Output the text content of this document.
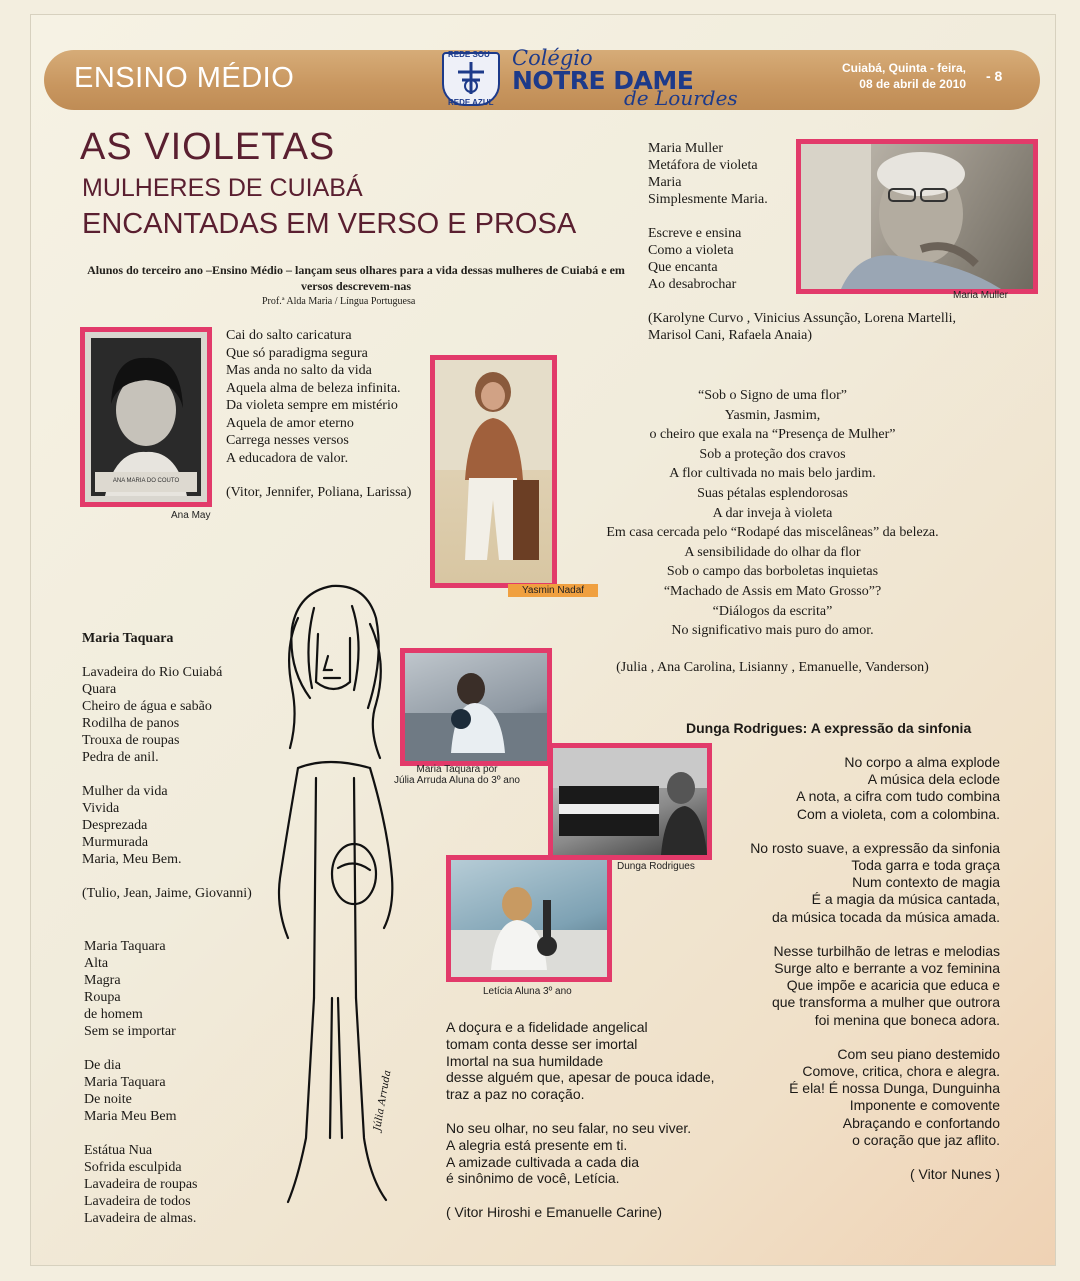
ENSINO MÉDIO
REDE SOU
REDE AZUL
Colégio
NOTRE DAME
de Lourdes
Cuiabá, Quinta - feira,
08 de abril de 2010 - 8
AS VIOLETAS
MULHERES DE CUIABÁ
ENCANTADAS EM VERSO E PROSA
Alunos do terceiro ano –Ensino Médio – lançam seus olhares para a vida dessas mulheres de Cuiabá e em versos descrevem-nas
Prof.ª Alda Maria / Língua Portuguesa
Maria Muller
Metáfora de violeta
Maria
Simplesmente Maria.
Escreve e ensina
Como a violeta
Que encanta
Ao desabrochar
(Karolyne Curvo , Vinicius Assunção, Lorena Martelli,
Marisol Cani, Rafaela Anaia)
Maria Muller
ANA MARIA DO COUTO
Ana May
Cai do salto caricatura
Que só paradigma segura
Mas anda no salto da vida
Aquela alma de beleza infinita.
Da violeta sempre em mistério
Aquela de amor eterno
Carrega nesses versos
A educadora de valor.
(Vitor, Jennifer, Poliana, Larissa)
Yasmin Nadaf
“Sob o Signo de uma flor”
Yasmin, Jasmim,
o cheiro que exala na “Presença de Mulher”
Sob a proteção dos cravos
A flor cultivada no mais belo jardim.
Suas pétalas esplendorosas
A dar inveja à violeta
Em casa cercada pelo “Rodapé das miscelâneas” da beleza.
A sensibilidade do olhar da flor
Sob o campo das borboletas inquietas
“Machado de Assis em Mato Grosso”?
“Diálogos da escrita”
No significativo mais puro do amor.
(Julia , Ana Carolina, Lisianny , Emanuelle, Vanderson)
Maria Taquara
Lavadeira do Rio Cuiabá
Quara
Cheiro de água e sabão
Rodilha de panos
Trouxa de roupas
Pedra de anil.
Mulher da vida
Vivida
Desprezada
Murmurada
Maria, Meu Bem.
(Tulio, Jean, Jaime, Giovanni)
Maria Taquara
Alta
Magra
Roupa
de homem
Sem se importar
De dia
Maria Taquara
De noite
Maria Meu Bem
Estátua Nua
Sofrida esculpida
Lavadeira de roupas
Lavadeira de todos
Lavadeira de almas.
Júlia Arruda
Maria Taquara por
Júlia Arruda Aluna do 3º ano
Dunga Rodrigues
Letícia Aluna 3º ano
Dunga Rodrigues: A expressão da sinfonia
No corpo a alma explode
A música dela eclode
A nota, a cifra com tudo combina
Com a violeta, com a colombina.
No rosto suave, a expressão da sinfonia
Toda garra e toda graça
Num contexto de magia
É a magia da música cantada,
da música tocada da música amada.
Nesse turbilhão de letras e melodias
Surge alto e berrante a voz feminina
Que impõe e acaricia que educa e
que transforma a mulher que outrora
foi menina que boneca adora.
Com seu piano destemido
Comove, critica, chora e alegra.
É ela! É nossa Dunga, Dunguinha
Imponente e comovente
Abraçando e confortando
o coração que jaz aflito.
( Vitor Nunes )
A doçura e a fidelidade angelical
tomam conta desse ser imortal
Imortal na sua humildade
desse alguém que, apesar de pouca idade,
traz a paz no coração.
No seu olhar, no seu falar, no seu viver.
A alegria está presente em ti.
A amizade cultivada a cada dia
é sinônimo de você, Letícia.
( Vitor Hiroshi e Emanuelle Carine)
